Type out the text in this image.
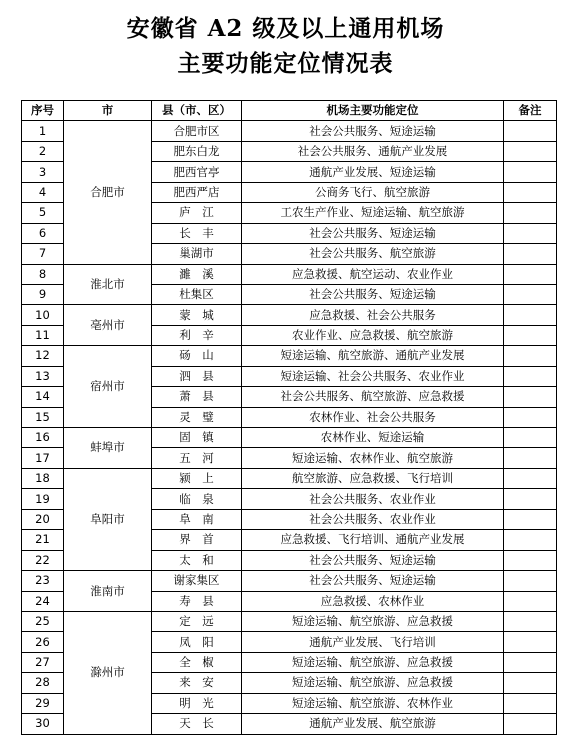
安徽省 A2 级及以上通用机场
主要功能定位情况表
序号	市	县（市、区）	机场主要功能定位	备注
1	合肥市	合肥市区	社会公共服务、短途运输	
2		肥东白龙	社会公共服务、通航产业发展	
3		肥西官亭	通航产业发展、短途运输	
4		肥西严店	公商务飞行、航空旅游	
5		庐　江	工农生产作业、短途运输、航空旅游	
6		长　丰	社会公共服务、短途运输	
7		巢湖市	社会公共服务、航空旅游	
8	淮北市	濉　溪	应急救援、航空运动、农业作业	
9		杜集区	社会公共服务、短途运输	
10	亳州市	蒙　城	应急救援、社会公共服务	
11		利　辛	农业作业、应急救援、航空旅游	
12	宿州市	砀　山	短途运输、航空旅游、通航产业发展	
13		泗　县	短途运输、社会公共服务、农业作业	
14		萧　县	社会公共服务、航空旅游、应急救援	
15		灵　璧	农林作业、社会公共服务	
16	蚌埠市	固　镇	农林作业、短途运输	
17		五　河	短途运输、农林作业、航空旅游	
18	阜阳市	颍　上	航空旅游、应急救援、飞行培训	
19		临　泉	社会公共服务、农业作业	
20		阜　南	社会公共服务、农业作业	
21		界　首	应急救援、飞行培训、通航产业发展	
22		太　和	社会公共服务、短途运输	
23	淮南市	谢家集区	社会公共服务、短途运输	
24		寿　县	应急救援、农林作业	
25	滁州市	定　远	短途运输、航空旅游、应急救援	
26		凤　阳	通航产业发展、飞行培训	
27		全　椒	短途运输、航空旅游、应急救援	
28		来　安	短途运输、航空旅游、应急救援	
29		明　光	短途运输、航空旅游、农林作业	
30		天　长	通航产业发展、航空旅游	
